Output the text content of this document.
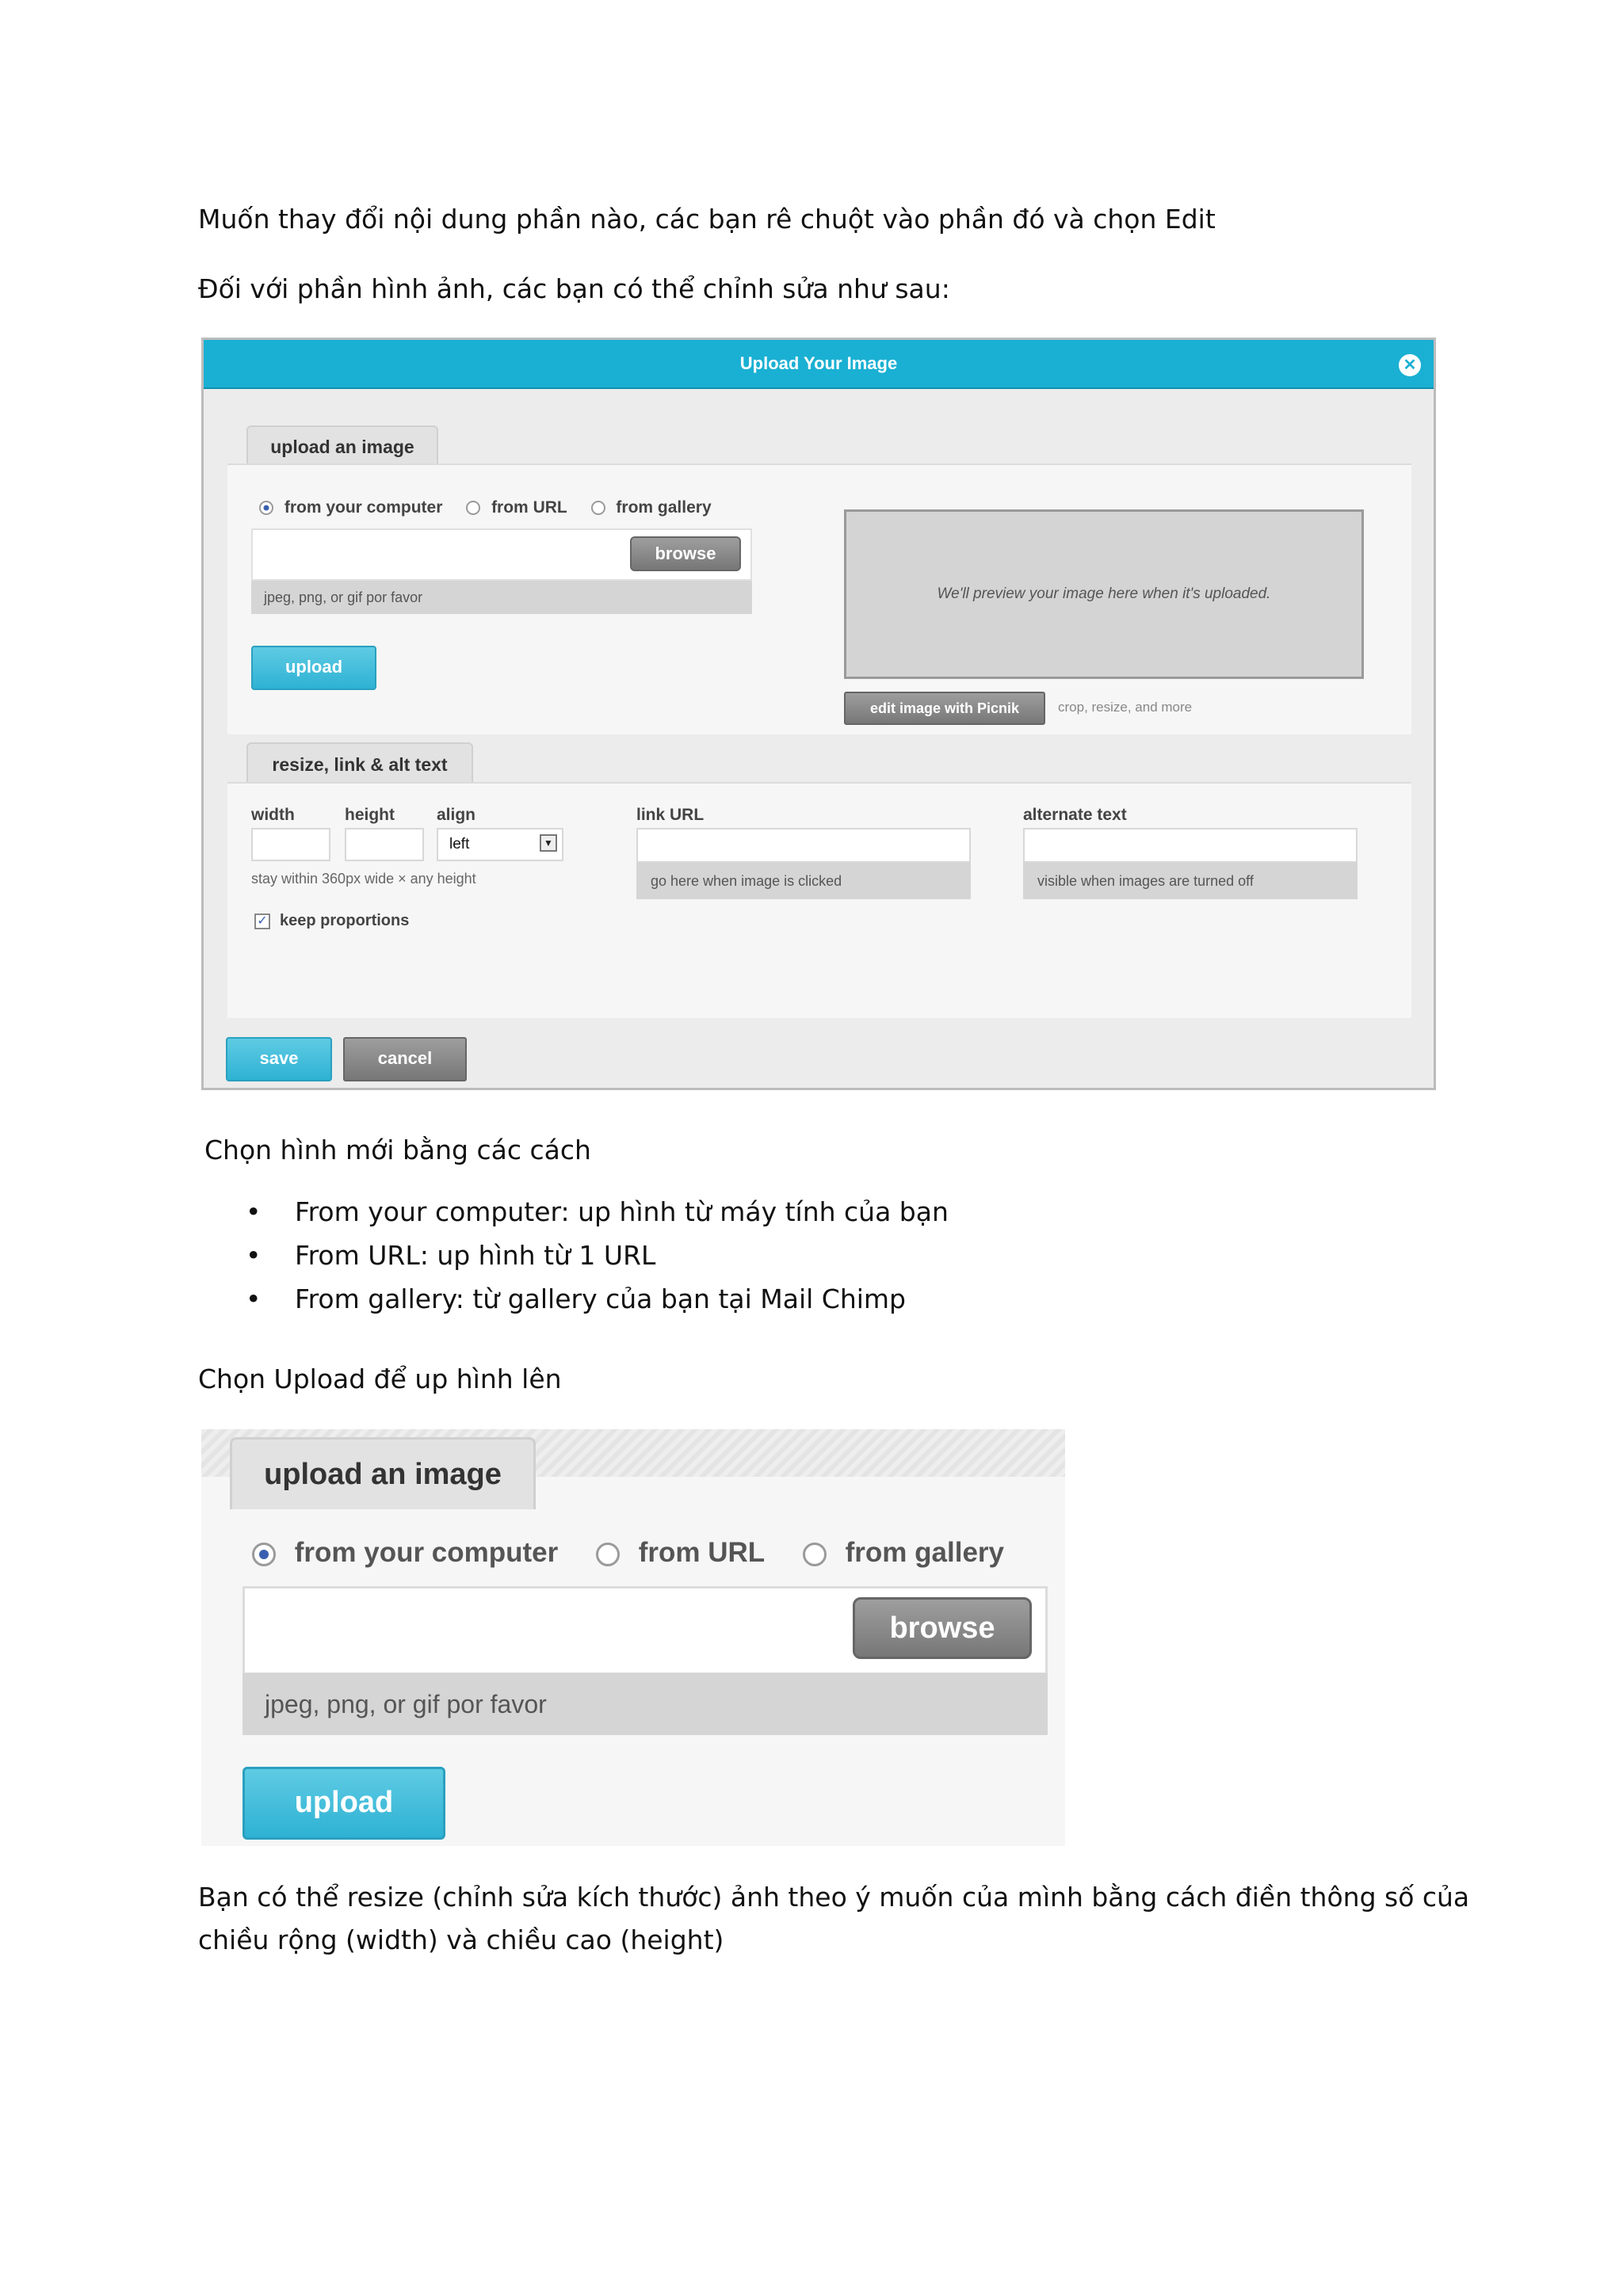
Muốn thay đổi nội dung phần nào, các bạn rê chuột vào phần đó và chọn Edit
Đối với phần hình ảnh, các bạn có thể chỉnh sửa như sau:
Upload Your Image	✕
upload an image
from your computer	from URL	from gallery
browse
jpeg, png, or gif por favor
upload
We'll preview your image here when it's uploaded.
edit image with Picnik	crop, resize, and more
resize, link & alt text
width	height	align
left	▼
stay within 360px wide × any height
✓ keep proportions
link URL
go here when image is clicked
alternate text
visible when images are turned off
save	cancel
Chọn hình mới bằng các cách
• From your computer: up hình từ máy tính của bạn
• From URL: up hình từ 1 URL
• From gallery: từ gallery của bạn tại Mail Chimp
Chọn Upload để up hình lên
upload an image
from your computer	from URL	from gallery
browse
jpeg, png, or gif por favor
upload
Bạn có thể resize (chỉnh sửa kích thước) ảnh theo ý muốn của mình bằng cách điền thông số của
chiều rộng (width) và chiều cao (height)
